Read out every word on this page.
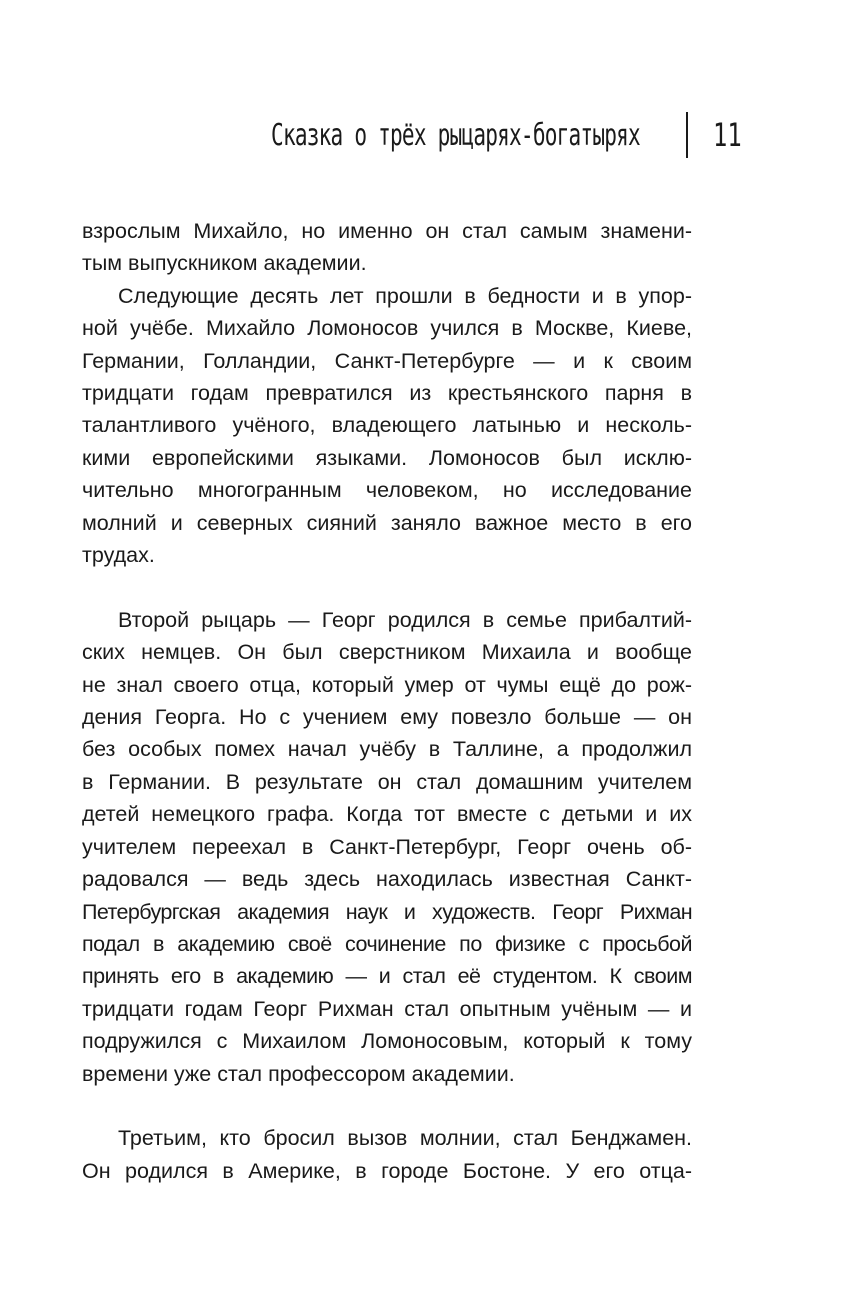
Сказка о трёх рыцарях-богатырях	11
взрослым Михайло, но именно он стал самым знамени-
тым выпускником академии.
Следующие десять лет прошли в бедности и в упор-
ной учёбе. Михайло Ломоносов учился в Москве, Киеве,
Германии, Голландии, Санкт-Петербурге — и к своим
тридцати годам превратился из крестьянского парня в
талантливого учёного, владеющего латынью и несколь-
кими европейскими языками. Ломоносов был исклю-
чительно многогранным человеком, но исследование
молний и северных сияний заняло важное место в его
трудах.
Второй рыцарь — Георг родился в семье прибалтий-
ских немцев. Он был сверстником Михаила и вообще
не знал своего отца, который умер от чумы ещё до рож-
дения Георга. Но с учением ему повезло больше — он
без особых помех начал учёбу в Таллине, а продолжил
в Германии. В результате он стал домашним учителем
детей немецкого графа. Когда тот вместе с детьми и их
учителем переехал в Санкт-Петербург, Георг очень об-
радовался — ведь здесь находилась известная Санкт-
Петербургская академия наук и художеств. Георг Рихман
подал в академию своё сочинение по физике с просьбой
принять его в академию — и стал её студентом. К своим
тридцати годам Георг Рихман стал опытным учёным — и
подружился с Михаилом Ломоносовым, который к тому
времени уже стал профессором академии.
Третьим, кто бросил вызов молнии, стал Бенджамен.
Он родился в Америке, в городе Бостоне. У его отца-
